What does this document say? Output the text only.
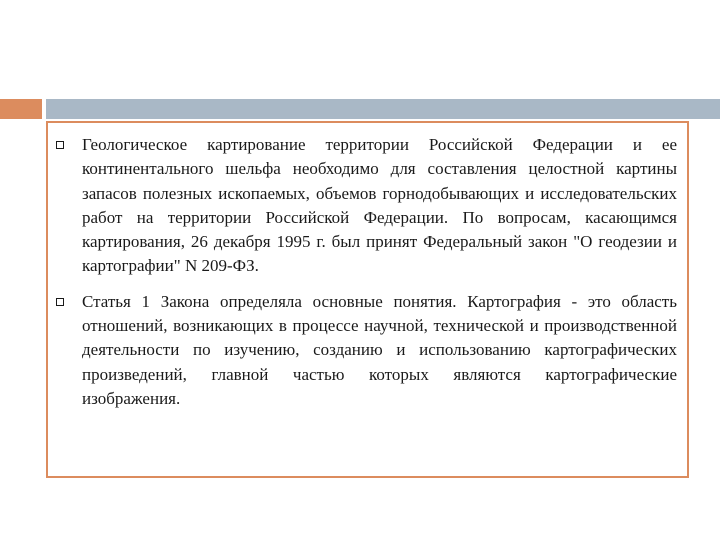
Геологическое картирование территории Российской Федерации и ее континентального шельфа необходимо для составления целостной картины запасов полезных ископаемых, объемов горнодобывающих и исследовательских работ на территории Российской Федерации. По вопросам, касающимся картирования, 26 декабря 1995 г. был принят Федеральный закон "О геодезии и картографии" N 209-ФЗ.
Статья 1 Закона определяла основные понятия. Картография - это область отношений, возникающих в процессе научной, технической и производственной деятельности по изучению, созданию и использованию картографических произведений, главной частью которых являются картографические изображения.
